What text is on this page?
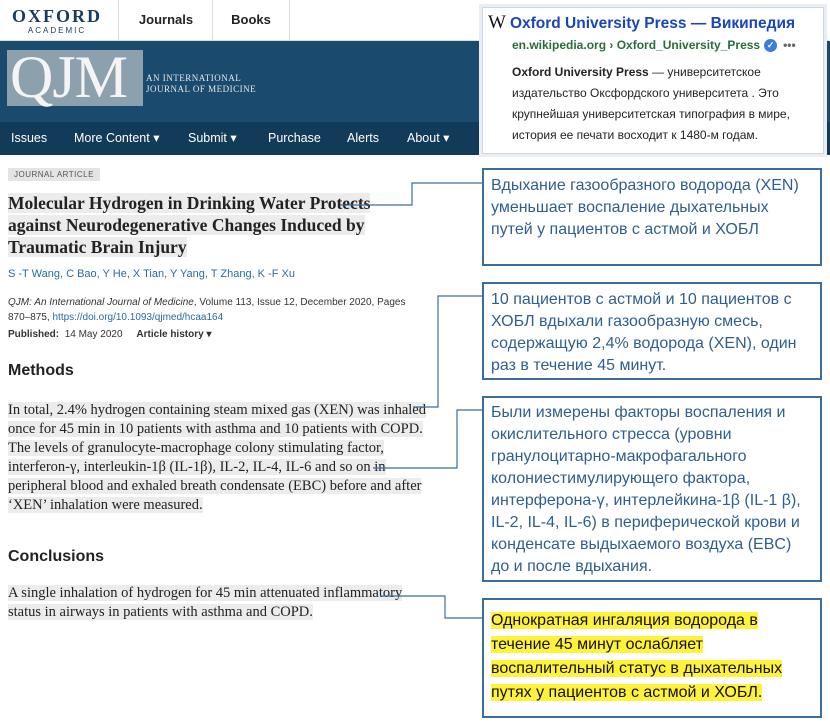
OXFORD
ACADEMIC
Journals	Books
QJM AN INTERNATIONAL
JOURNAL OF MEDICINE
Issues More Content ▾ Submit ▾	Purchase Alerts About ▾
JOURNAL ARTICLE
Molecular Hydrogen in Drinking Water Protects against Neurodegenerative Changes Induced by Traumatic Brain Injury
S -T Wang, C Bao, Y He, X Tian, Y Yang, T Zhang, K -F Xu
QJM: An International Journal of Medicine, Volume 113, Issue 12, December 2020, Pages 870–875, https://doi.org/10.1093/qjmed/hcaa164
Published: 14 May 2020 Article history ▾
Methods
In total, 2.4% hydrogen containing steam mixed gas (XEN) was inhaled once for 45 min in 10 patients with asthma and 10 patients with COPD. The levels of granulocyte-macrophage colony stimulating factor, interferon-γ, interleukin-1β (IL-1β), IL-2, IL-4, IL-6 and so on in peripheral blood and exhaled breath condensate (EBC) before and after ‘XEN’ inhalation were measured.
Conclusions
A single inhalation of hydrogen for 45 min attenuated inflammatory status in airways in patients with asthma and COPD.
W Oxford University Press — Википедия
en.wikipedia.org › Oxford_University_Press ✓ •••
Oxford University Press — университетское издательство Оксфордского университета . Это крупнейшая университетская типография в мире, история ее печати восходит к 1480-м годам.
Вдыхание газообразного водорода (XEN) уменьшает воспаление дыхательных путей у пациентов с астмой и ХОБЛ
10 пациентов с астмой и 10 пациентов с ХОБЛ вдыхали газообразную смесь, содержащую 2,4% водорода (XEN), один раз в течение 45 минут.
Были измерены факторы воспаления и окислительного стресса (уровни гранулоцитарно-макрофагального колониестимулирующего фактора, интерферона-γ, интерлейкина-1β (IL-1 β), IL-2, IL-4, IL-6) в периферической крови и конденсате выдыхаемого воздуха (EBC) до и после вдыхания.
Однократная ингаляция водорода в течение 45 минут ослабляет воспалительный статус в дыхательных путях у пациентов с астмой и ХОБЛ.
